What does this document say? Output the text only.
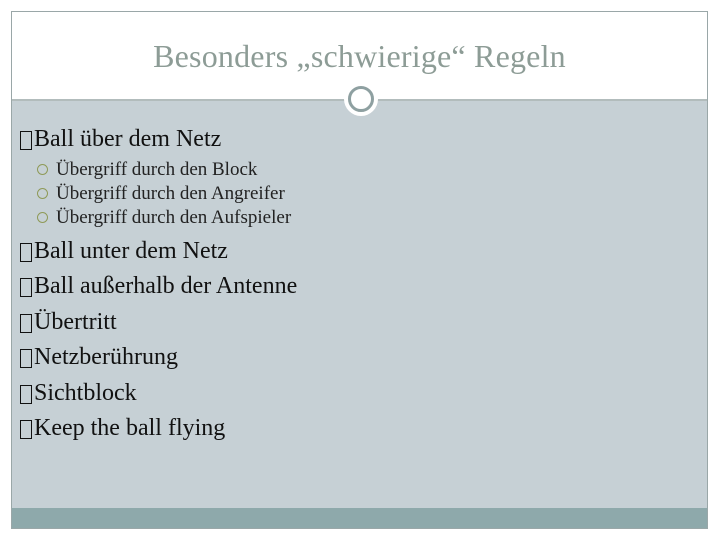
Besonders „schwierige“ Regeln
Ball über dem Netz
Übergriff durch den Block
Übergriff durch den Angreifer
Übergriff durch den Aufspieler
Ball unter dem Netz
Ball außerhalb der Antenne
Übertritt
Netzberührung
Sichtblock
Keep the ball flying
